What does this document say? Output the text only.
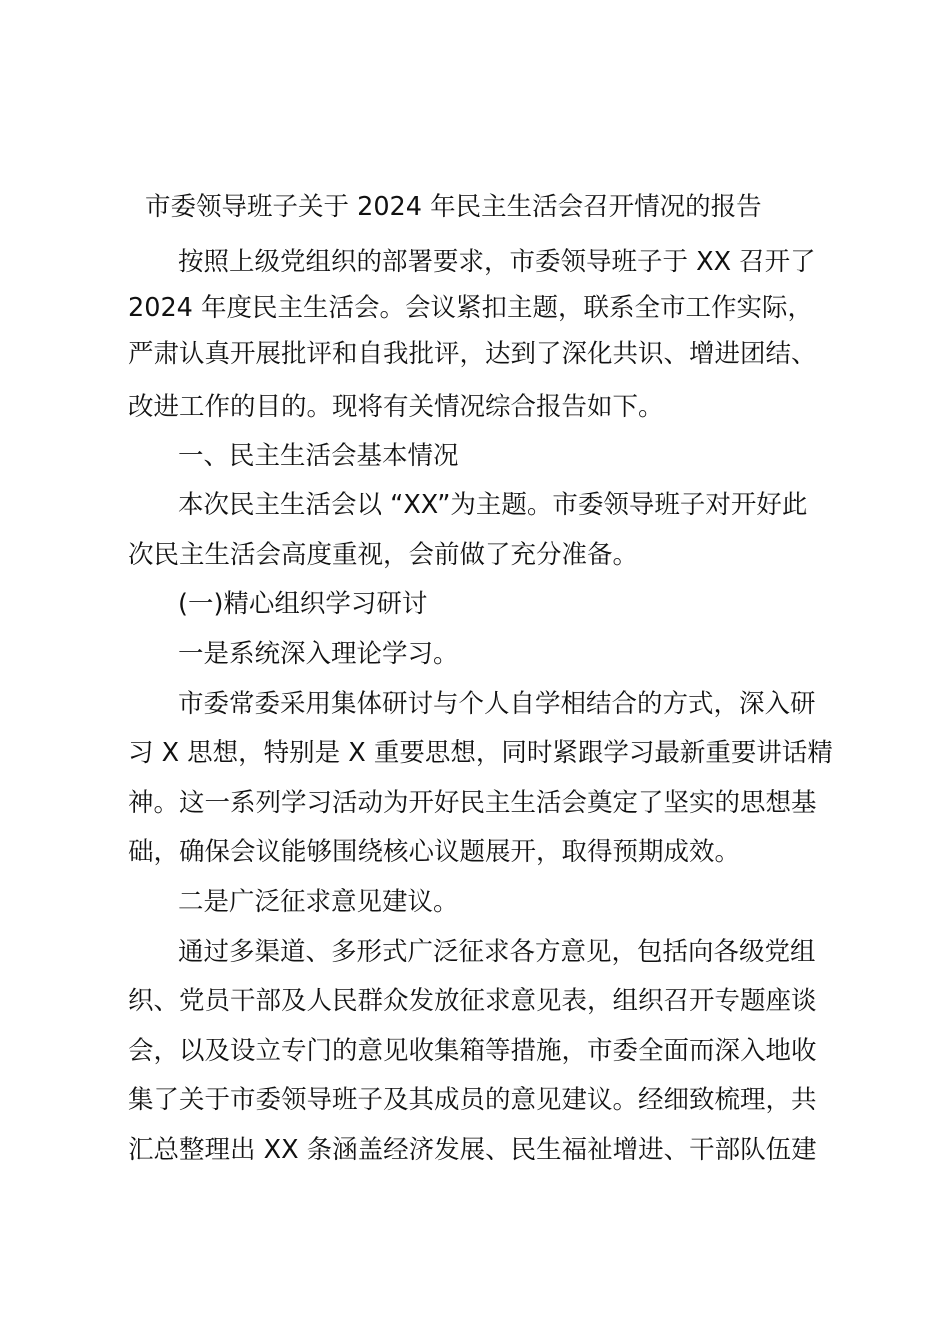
市委领导班子关于 2024 年民主生活会召开情况的报告

按照上级党组织的部署要求，市委领导班子于 XX 召开了

2024 年度民主生活会。会议紧扣主题，联系全市工作实际，

严肃认真开展批评和自我批评，达到了深化共识、增进团结、

改进工作的目的。现将有关情况综合报告如下。

一、民主生活会基本情况

本次民主生活会以 “XX”为主题。市委领导班子对开好此

次民主生活会高度重视，会前做了充分准备。

(一)精心组织学习研讨

一是系统深入理论学习。

市委常委采用集体研讨与个人自学相结合的方式，深入研

习 X 思想，特别是 X 重要思想，同时紧跟学习最新重要讲话精

神。这一系列学习活动为开好民主生活会奠定了坚实的思想基

础，确保会议能够围绕核心议题展开，取得预期成效。

二是广泛征求意见建议。

通过多渠道、多形式广泛征求各方意见，包括向各级党组

织、党员干部及人民群众发放征求意见表，组织召开专题座谈

会，以及设立专门的意见收集箱等措施，市委全面而深入地收

集了关于市委领导班子及其成员的意见建议。经细致梳理，共

汇总整理出 XX 条涵盖经济发展、民生福祉增进、干部队伍建
